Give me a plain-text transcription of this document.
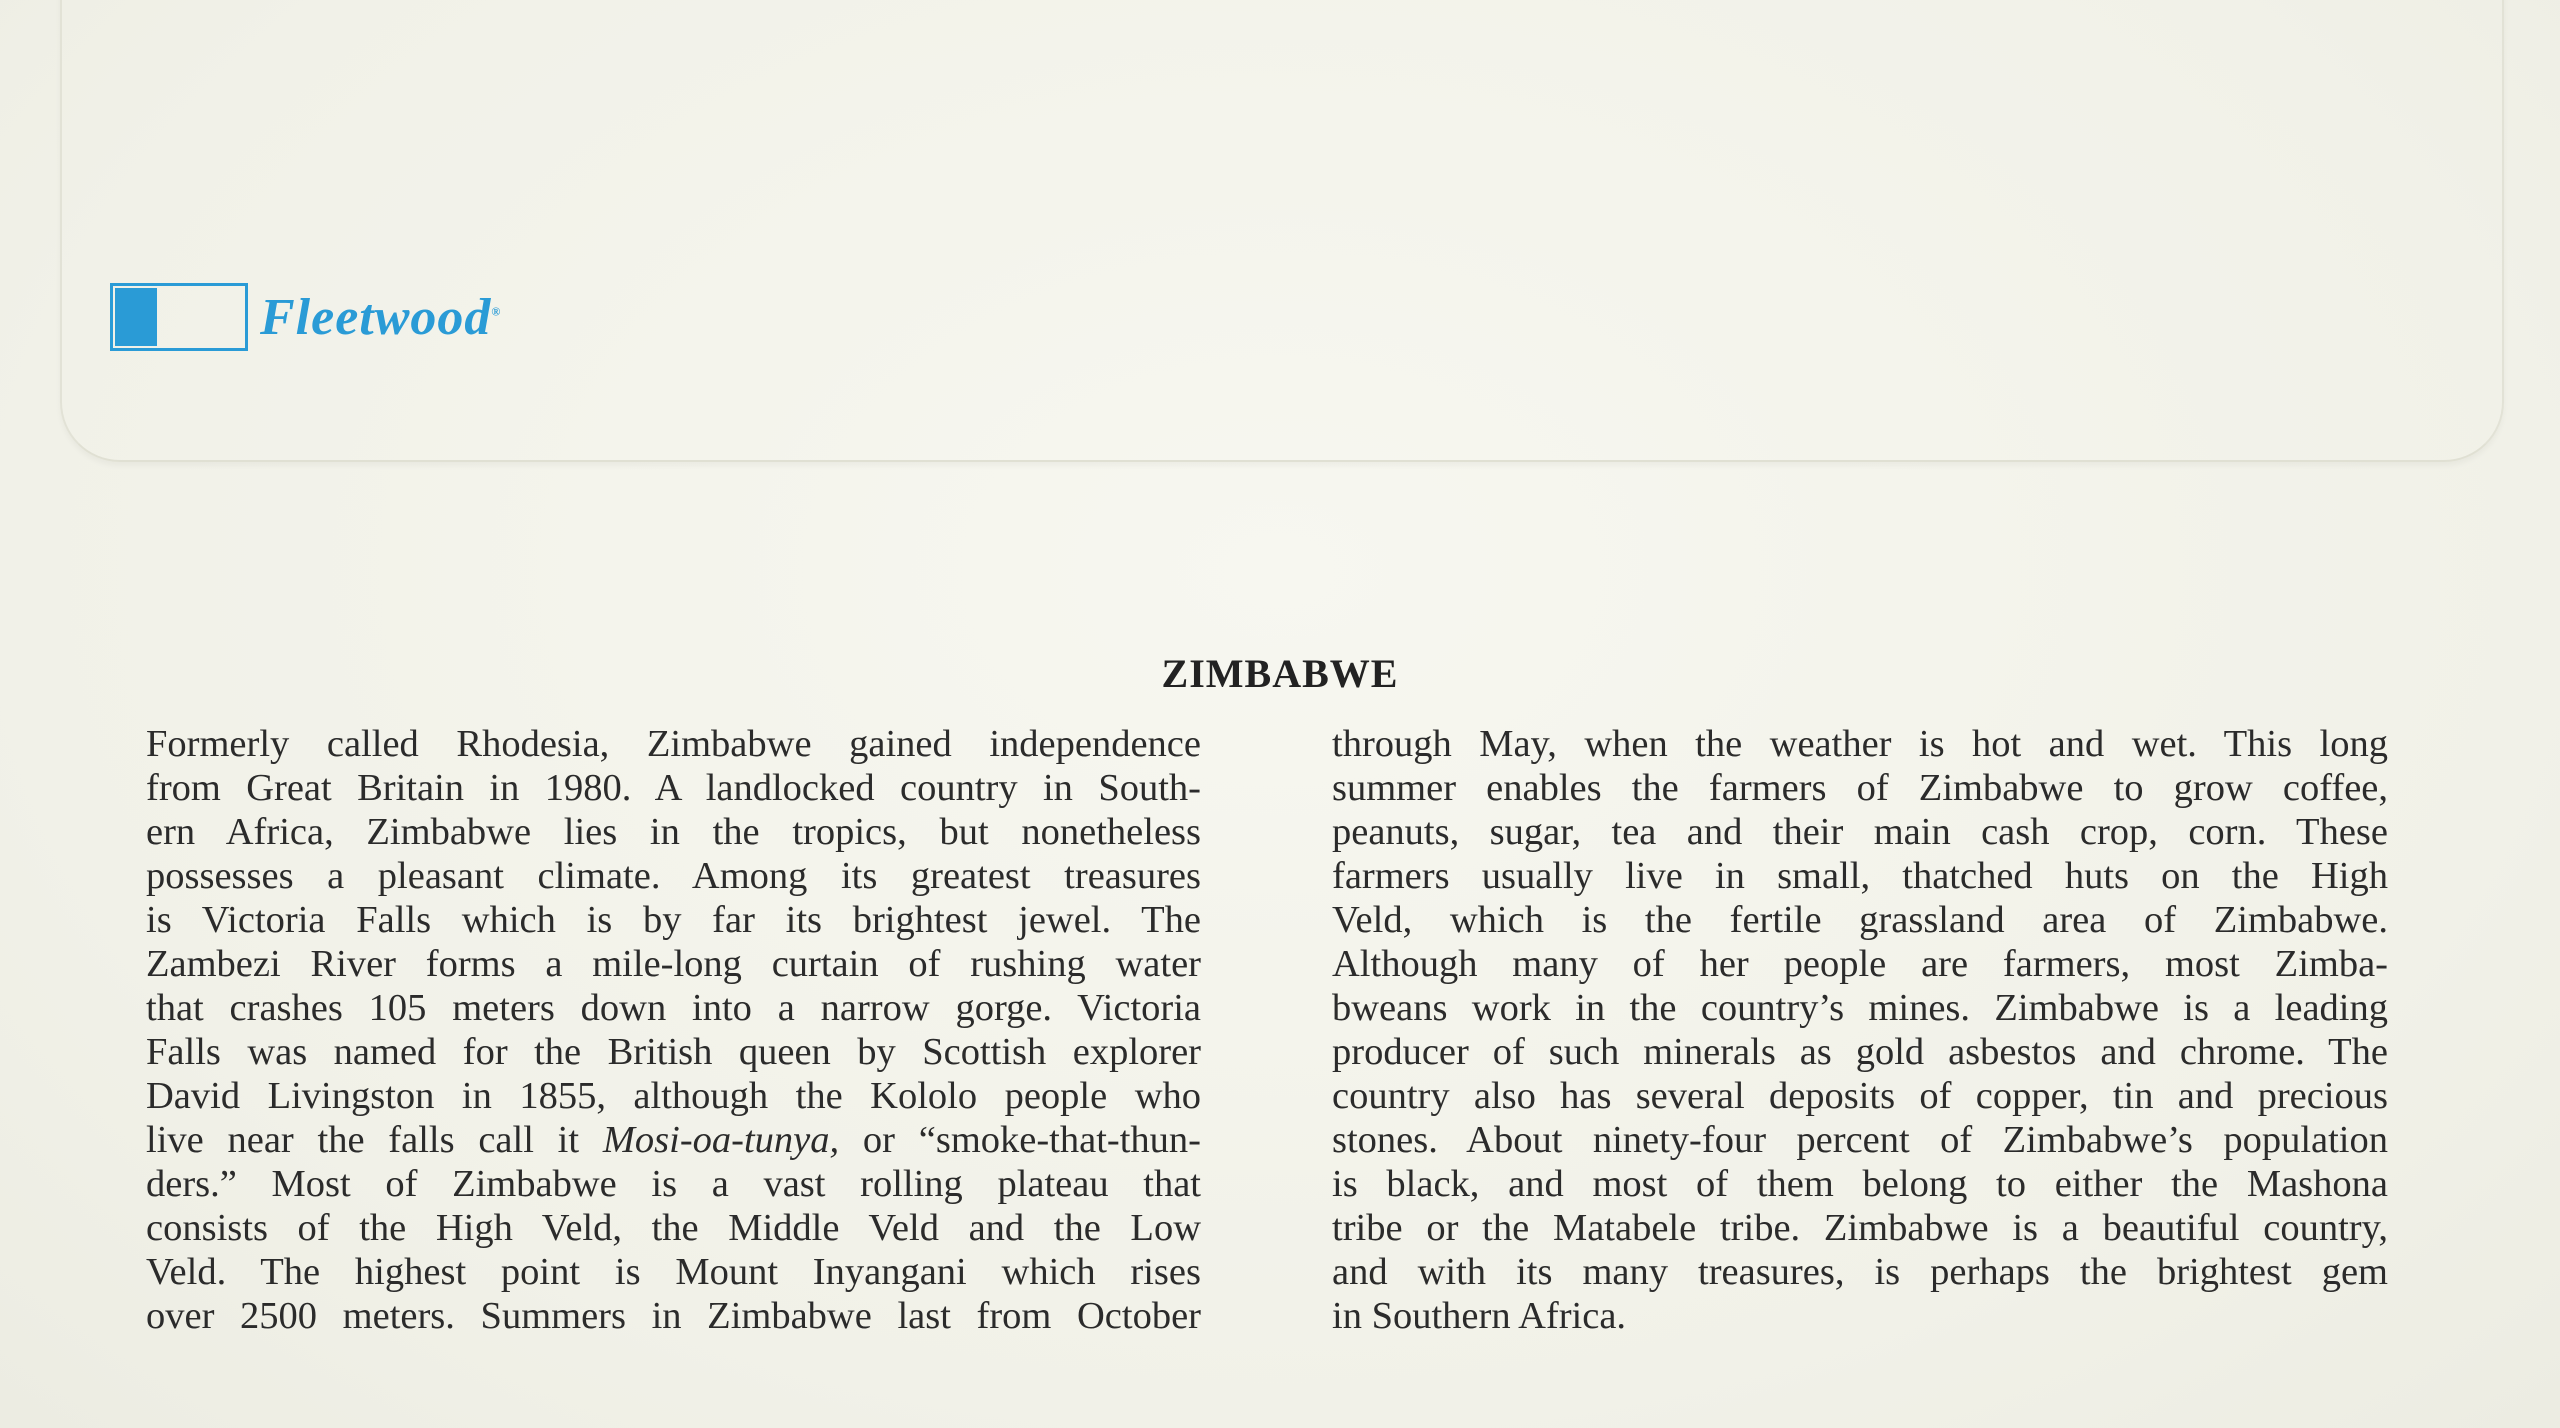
Fleetwood®
ZIMBABWE
Formerly called Rhodesia, Zimbabwe gained independence
from Great Britain in 1980. A landlocked country in South-
ern Africa, Zimbabwe lies in the tropics, but nonetheless
possesses a pleasant climate. Among its greatest treasures
is Victoria Falls which is by far its brightest jewel. The
Zambezi River forms a mile-long curtain of rushing water
that crashes 105 meters down into a narrow gorge. Victoria
Falls was named for the British queen by Scottish explorer
David Livingston in 1855, although the Kololo people who
live near the falls call it Mosi-oa-tunya, or “smoke-that-thun-
ders.” Most of Zimbabwe is a vast rolling plateau that
consists of the High Veld, the Middle Veld and the Low
Veld. The highest point is Mount Inyangani which rises
over 2500 meters. Summers in Zimbabwe last from October
through May, when the weather is hot and wet. This long
summer enables the farmers of Zimbabwe to grow coffee,
peanuts, sugar, tea and their main cash crop, corn. These
farmers usually live in small, thatched huts on the High
Veld, which is the fertile grassland area of Zimbabwe.
Although many of her people are farmers, most Zimba-
bweans work in the country’s mines. Zimbabwe is a leading
producer of such minerals as gold asbestos and chrome. The
country also has several deposits of copper, tin and precious
stones. About ninety-four percent of Zimbabwe’s population
is black, and most of them belong to either the Mashona
tribe or the Matabele tribe. Zimbabwe is a beautiful country,
and with its many treasures, is perhaps the brightest gem
in Southern Africa.
